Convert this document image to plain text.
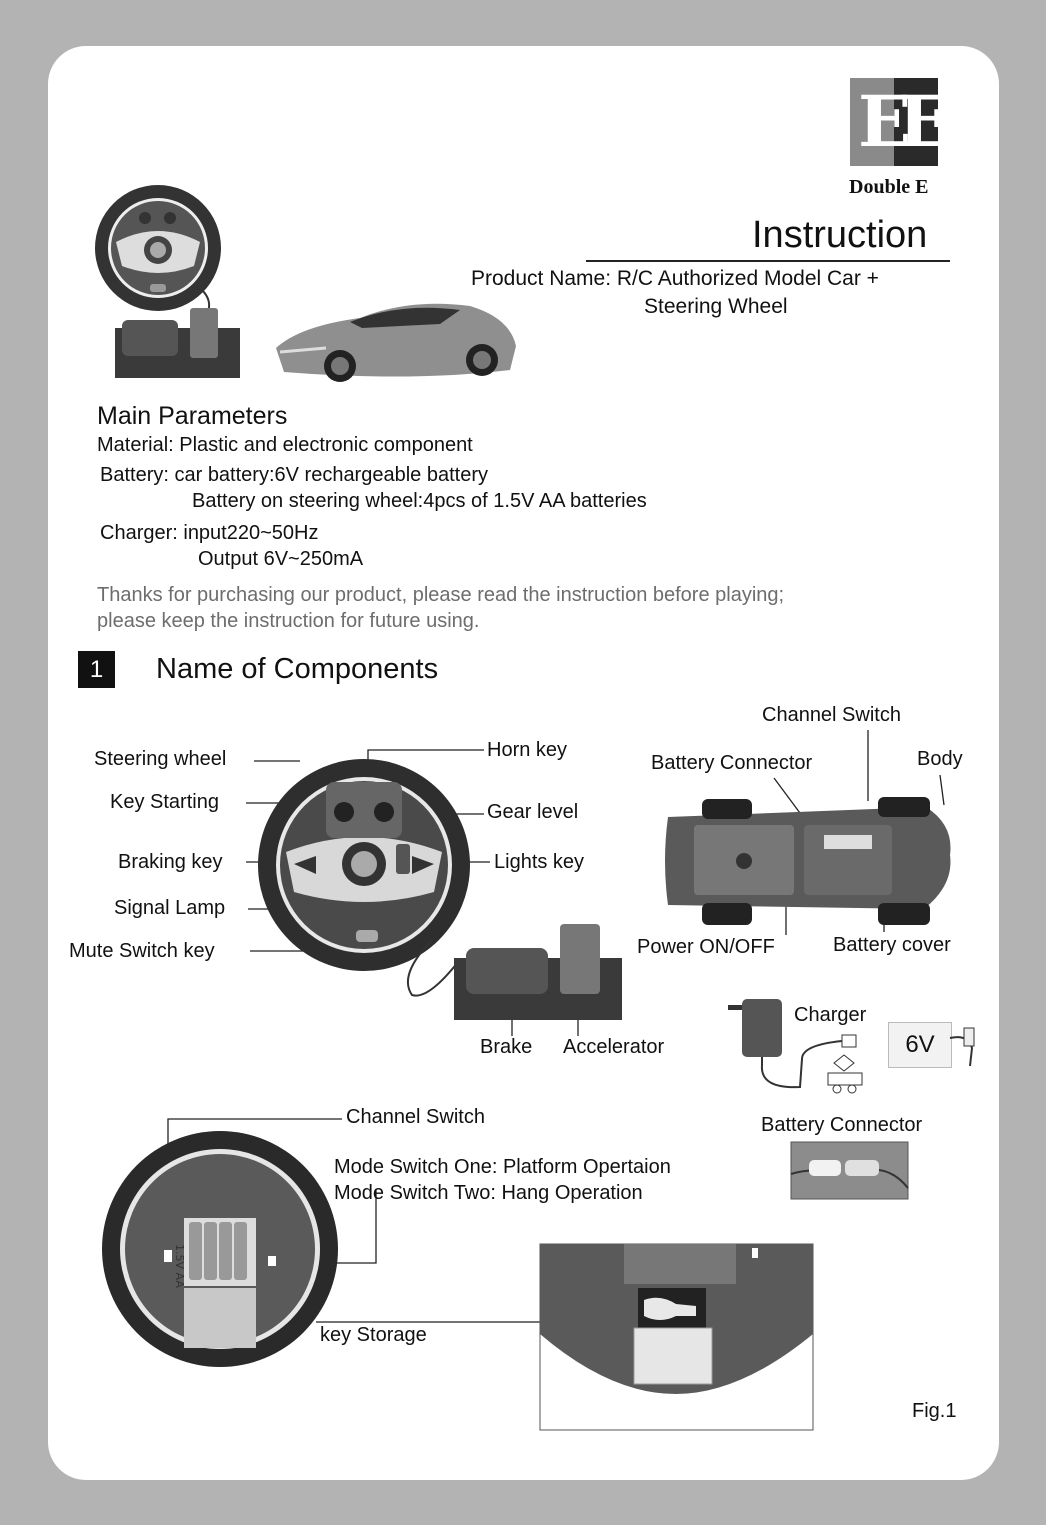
E
E
Double E
Instruction
Product Name: R/C Authorized Model Car +
Steering Wheel
Main Parameters
Material: Plastic and electronic component
Battery: car battery:6V rechargeable battery
Battery on steering wheel:4pcs of 1.5V AA batteries
Charger: input220~50Hz
Output 6V~250mA
Thanks for purchasing our product, please read the instruction before playing;
please keep the instruction for future using.
1	Name of Components
Steering wheel
Key Starting
Braking key
Signal Lamp
Mute Switch key
Horn key
Gear level
Lights key
Brake Accelerator
Channel Switch
Battery Connector	Body
Power ON/OFF	Battery cover
Charger
6V
Battery Connector
1.5V AA
Channel Switch
Mode Switch One: Platform Opertaion
Mode Switch Two: Hang Operation
key Storage
Fig.1
